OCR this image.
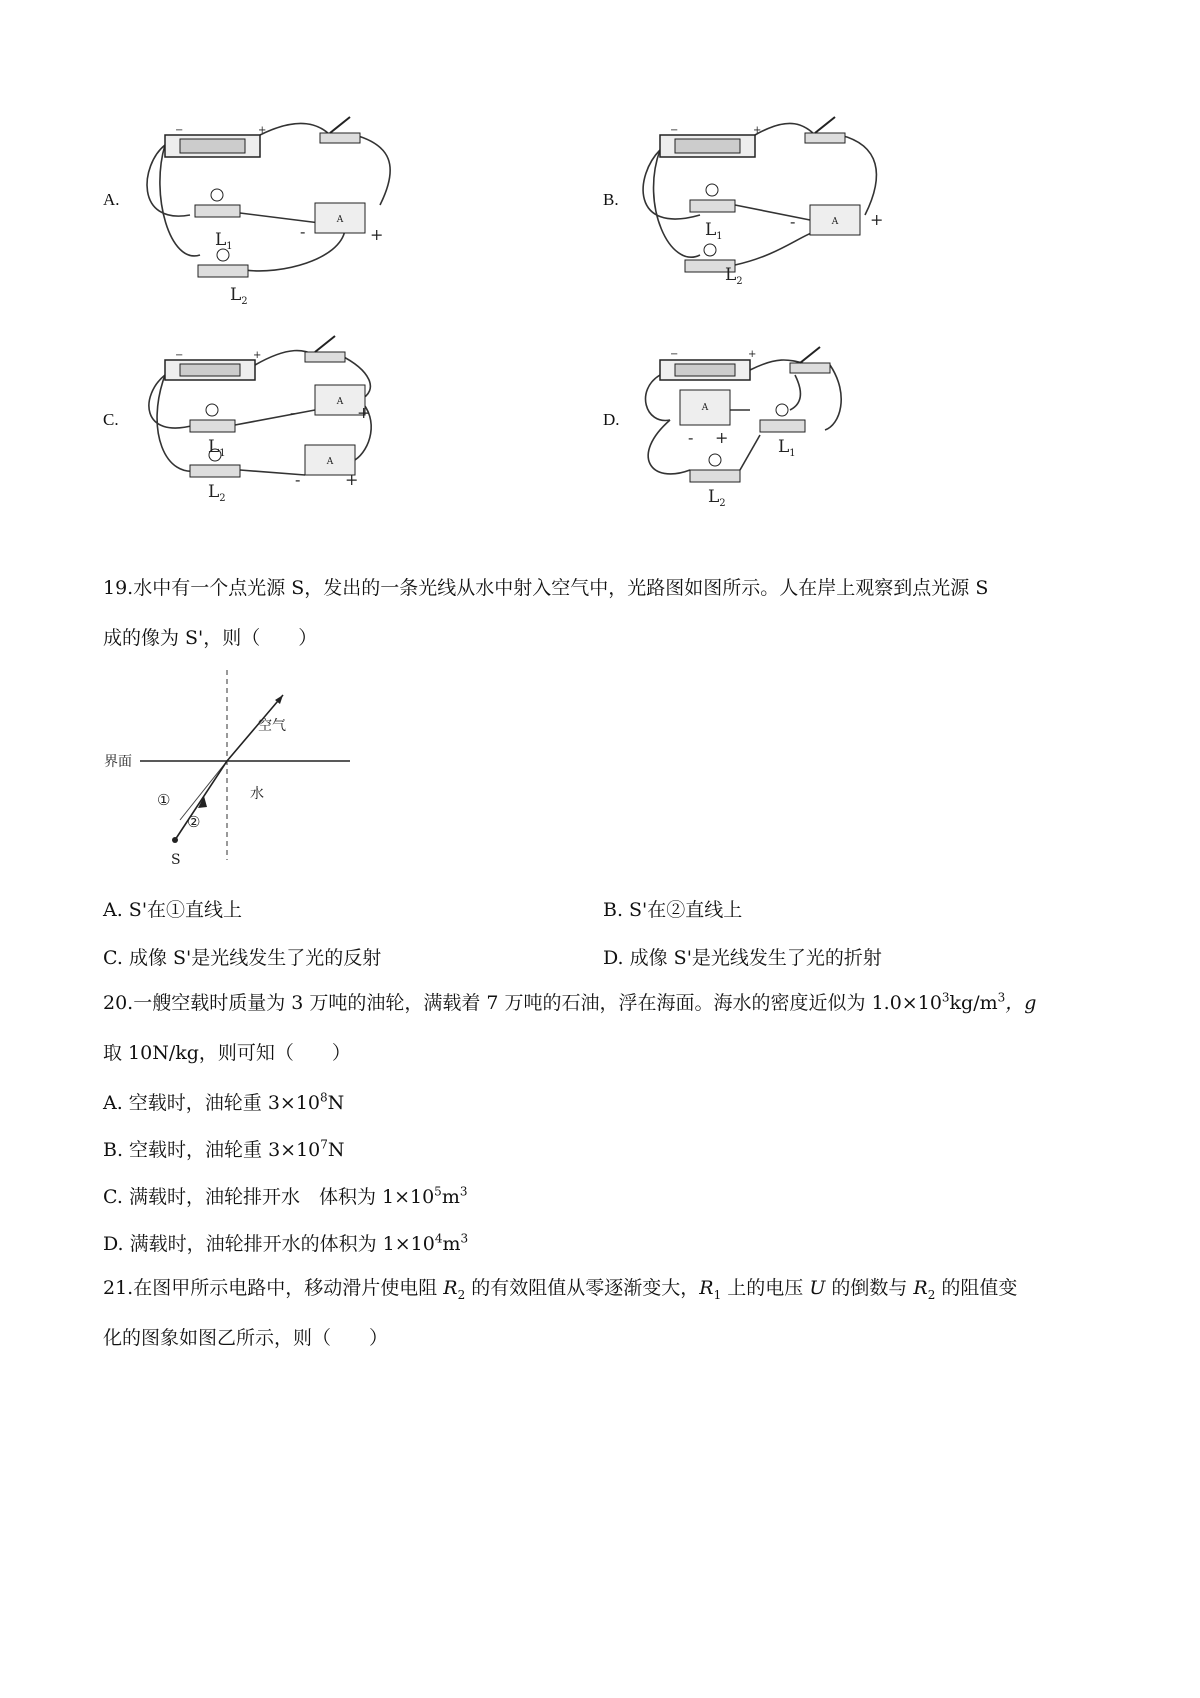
A.
A
−	+
-	+
$L_1$
$L_2$
B.
A
−	+
-	+
$L_1$
$L_2$
C.
A
A
−	+
-	+
-	+
$L_1$
$L_2$
D.
A
−	+
- +	$L_1$
$L_2$
19.水中有一个点光源 S，发出的一条光线从水中射入空气中，光路图如图所示。人在岸上观察到点光源 S
成的像为 S'，则（　　）
空气
界面
水
①
②
S
A. S'在①直线上	B. S'在②直线上
C. 成像 S'是光线发生了光的反射	D. 成像 S'是光线发生了光的折射
20.一艘空载时质量为 3 万吨的油轮，满载着 7 万吨的石油，浮在海面。海水的密度近似为 $1.0\times 10^3kg/m^3$，g
取 10N/kg，则可知（　　）
A. 空载时，油轮重 $3\times 10^8N$
B. 空载时，油轮重 $3\times 10^7N$
C. 满载时，油轮排开水　体积为 $1\times 10^5m^3$
D. 满载时，油轮排开水的体积为 $1\times 10^4m^3$
21.在图甲所示电路中，移动滑片使电阻 $R_2$ 的有效阻值从零逐渐变大，$R_1$ 上的电压 U 的倒数与 $R_2$ 的阻值变
化的图象如图乙所示，则（　　）
